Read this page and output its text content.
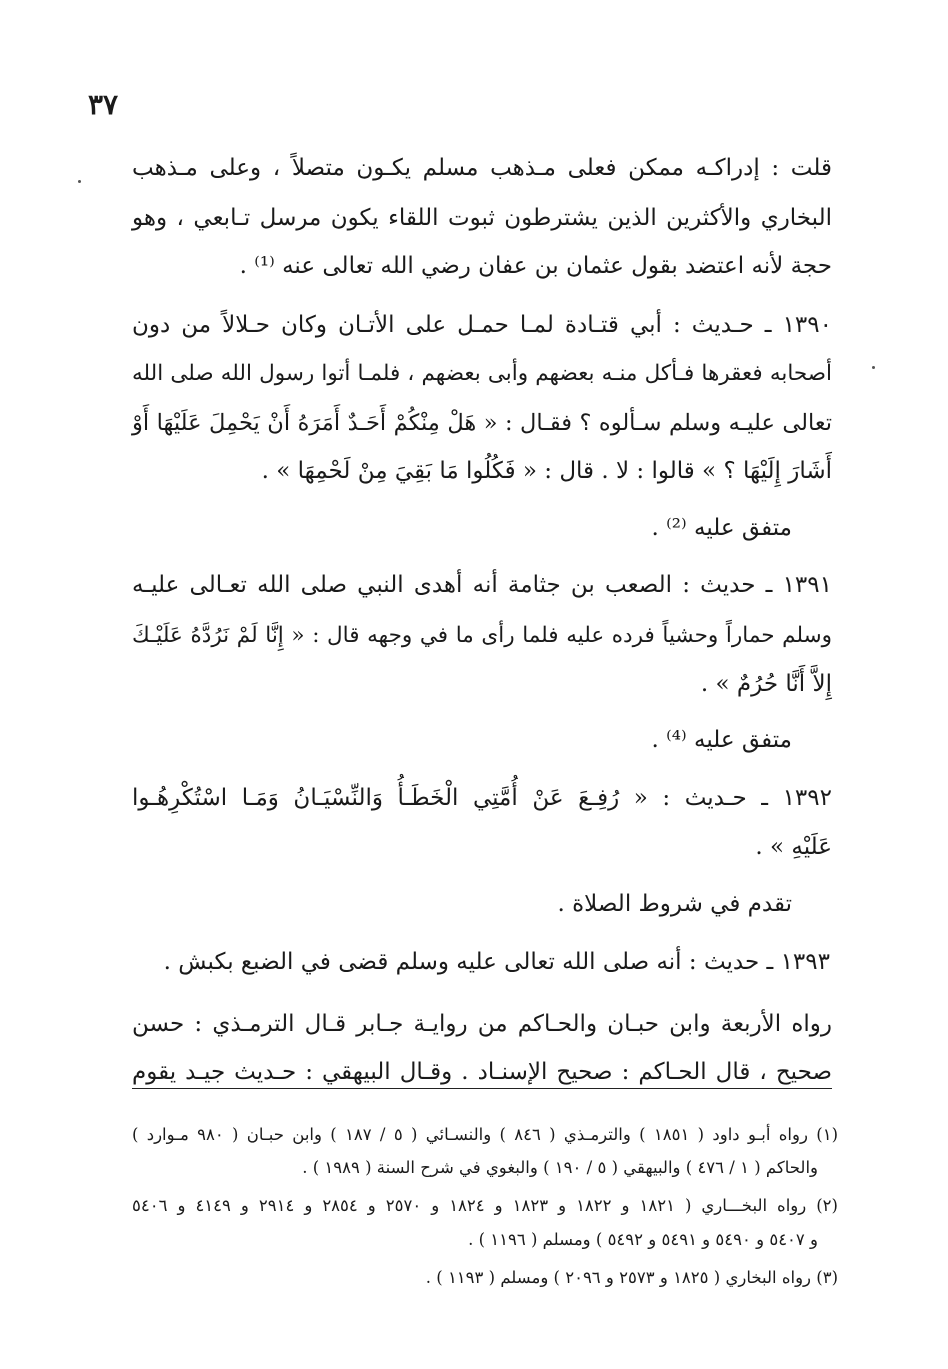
٣٧
قلت : إدراكـه ممكن فعلى مـذهب مسلم يكـون متصلاً ، وعلى مـذهب
البخاري والأكثرين الذين يشترطون ثبوت اللقاء يكون مرسل تـابعي ، وهو
حجة لأنه اعتضد بقول عثمان بن عفان رضي الله تعالى عنه ⁽¹⁾ .
١٣٩٠ ـ حـديث : أبي قتـادة لمـا حمـل على الأتـان وكان حـلالاً من دون
أصحابه فعقرها فـأكل منـه بعضهم وأبى بعضهم ، فلمـا أتوا رسول الله صلى الله
تعالى عليـه وسلم سـألوه ؟ فقـال : « هَلْ مِنْكُمْ أَحَـدٌ أَمَرَهُ أَنْ يَحْمِلَ عَلَيْهَا أَوْ
أَشَارَ إِلَيْهَا ؟ » قالوا : لا . قال : « فَكُلُوا مَا بَقِيَ مِنْ لَحْمِهَا » .
متفق عليه ⁽²⁾ .
١٣٩١ ـ حديث : الصعب بن جثامة أنه أهدى النبي صلى الله تعـالى عليـه
وسلم حماراً وحشياً فرده عليه فلما رأى ما في وجهه قال : « إِنَّا لَمْ نَرُدَّهُ عَلَيْـكَ
إِلاَّ أَنَّا حُرُمٌ » .
متفق عليه ⁽⁴⁾ .
١٣٩٢ ـ حـديث : « رُفِـعَ عَنْ أُمَّتِي الْخَطَـأُ وَالنِّسْيَـانُ وَمَـا اسْتُكْرِهُـوا
عَلَيْهِ » .
تقدم في شروط الصلاة .
١٣٩٣ ـ حديث : أنه صلى الله تعالى عليه وسلم قضى في الضبع بكبش .
رواه الأربعة وابن حبـان والحـاكم من روايـة جـابر قـال الترمـذي : حسن
صحيح ، قال الحـاكم : صحيح الإسنـاد . وقـال البيهقي : حـديث جيـد يقوم
(١) رواه أبـو داود ( ١٨٥١ ) والترمـذي ( ٨٤٦ ) والنسـائي ( ٥ / ١٨٧ ) وابن حبـان ( ٩٨٠ مـوارد )
والحاكم ( ١ / ٤٧٦ ) والبيهقي ( ٥ / ١٩٠ ) والبغوي في شرح السنة ( ١٩٨٩ ) .
(٢) رواه البخـــاري ( ١٨٢١ و ١٨٢٢ و ١٨٢٣ و ١٨٢٤ و ٢٥٧٠ و ٢٨٥٤ و ٢٩١٤ و ٤١٤٩ و ٥٤٠٦
و ٥٤٠٧ و ٥٤٩٠ و ٥٤٩١ و ٥٤٩٢ ) ومسلم ( ١١٩٦ ) .
(٣) رواه البخاري ( ١٨٢٥ و ٢٥٧٣ و ٢٠٩٦ ) ومسلم ( ١١٩٣ ) .
